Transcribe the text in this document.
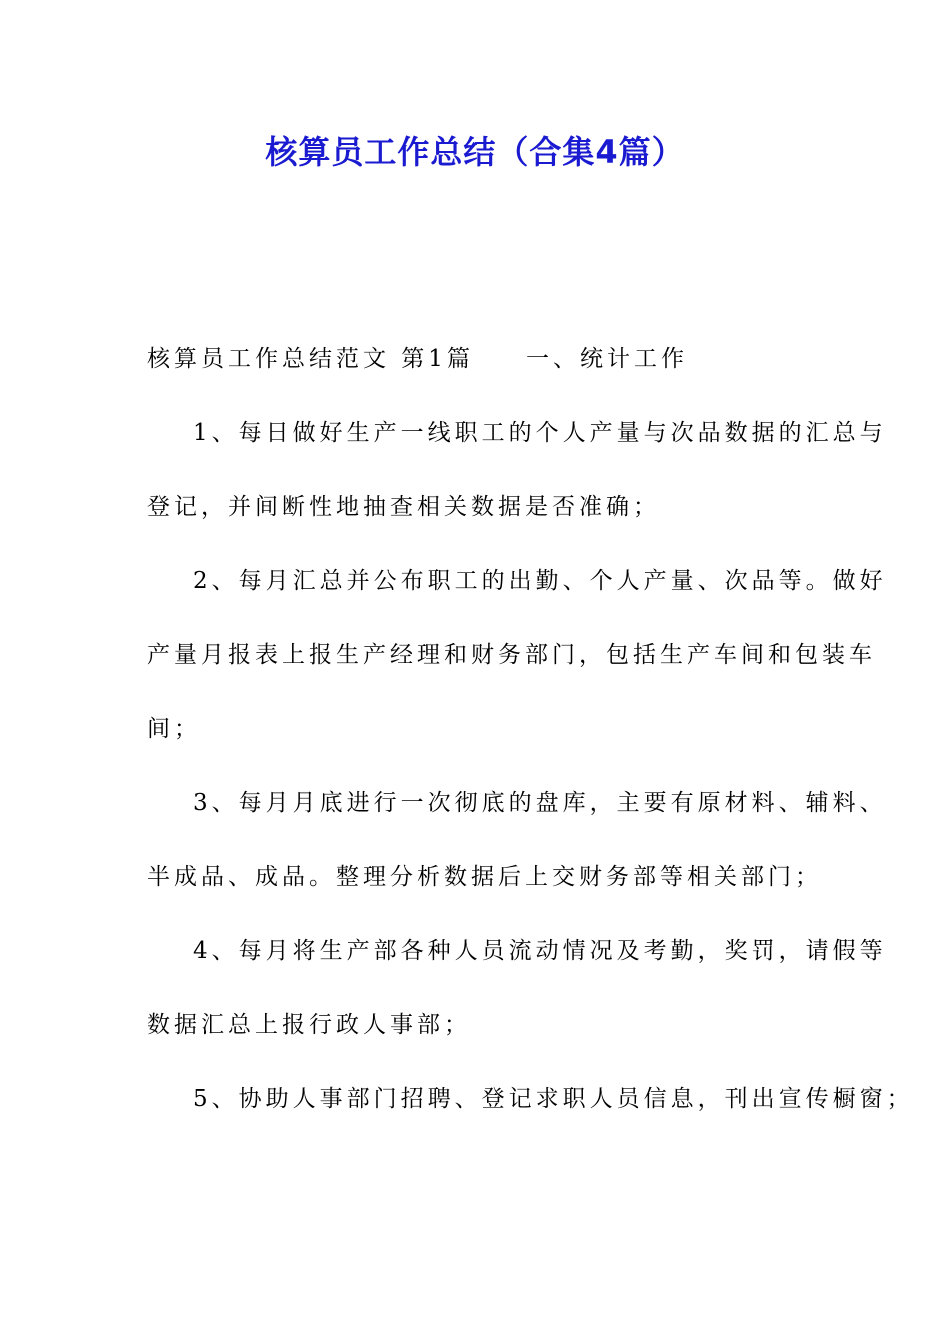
核算员工作总结（合集4篇）
核算员工作总结范文 第1篇 一、统计工作
1、每日做好生产一线职工的个人产量与次品数据的汇总与
登记，并间断性地抽查相关数据是否准确；
2、每月汇总并公布职工的出勤、个人产量、次品等。做好
产量月报表上报生产经理和财务部门，包括生产车间和包装车
间；
3、每月月底进行一次彻底的盘库，主要有原材料、辅料、
半成品、成品。整理分析数据后上交财务部等相关部门；
4、每月将生产部各种人员流动情况及考勤，奖罚，请假等
数据汇总上报行政人事部；
5、协助人事部门招聘、登记求职人员信息，刊出宣传橱窗；
